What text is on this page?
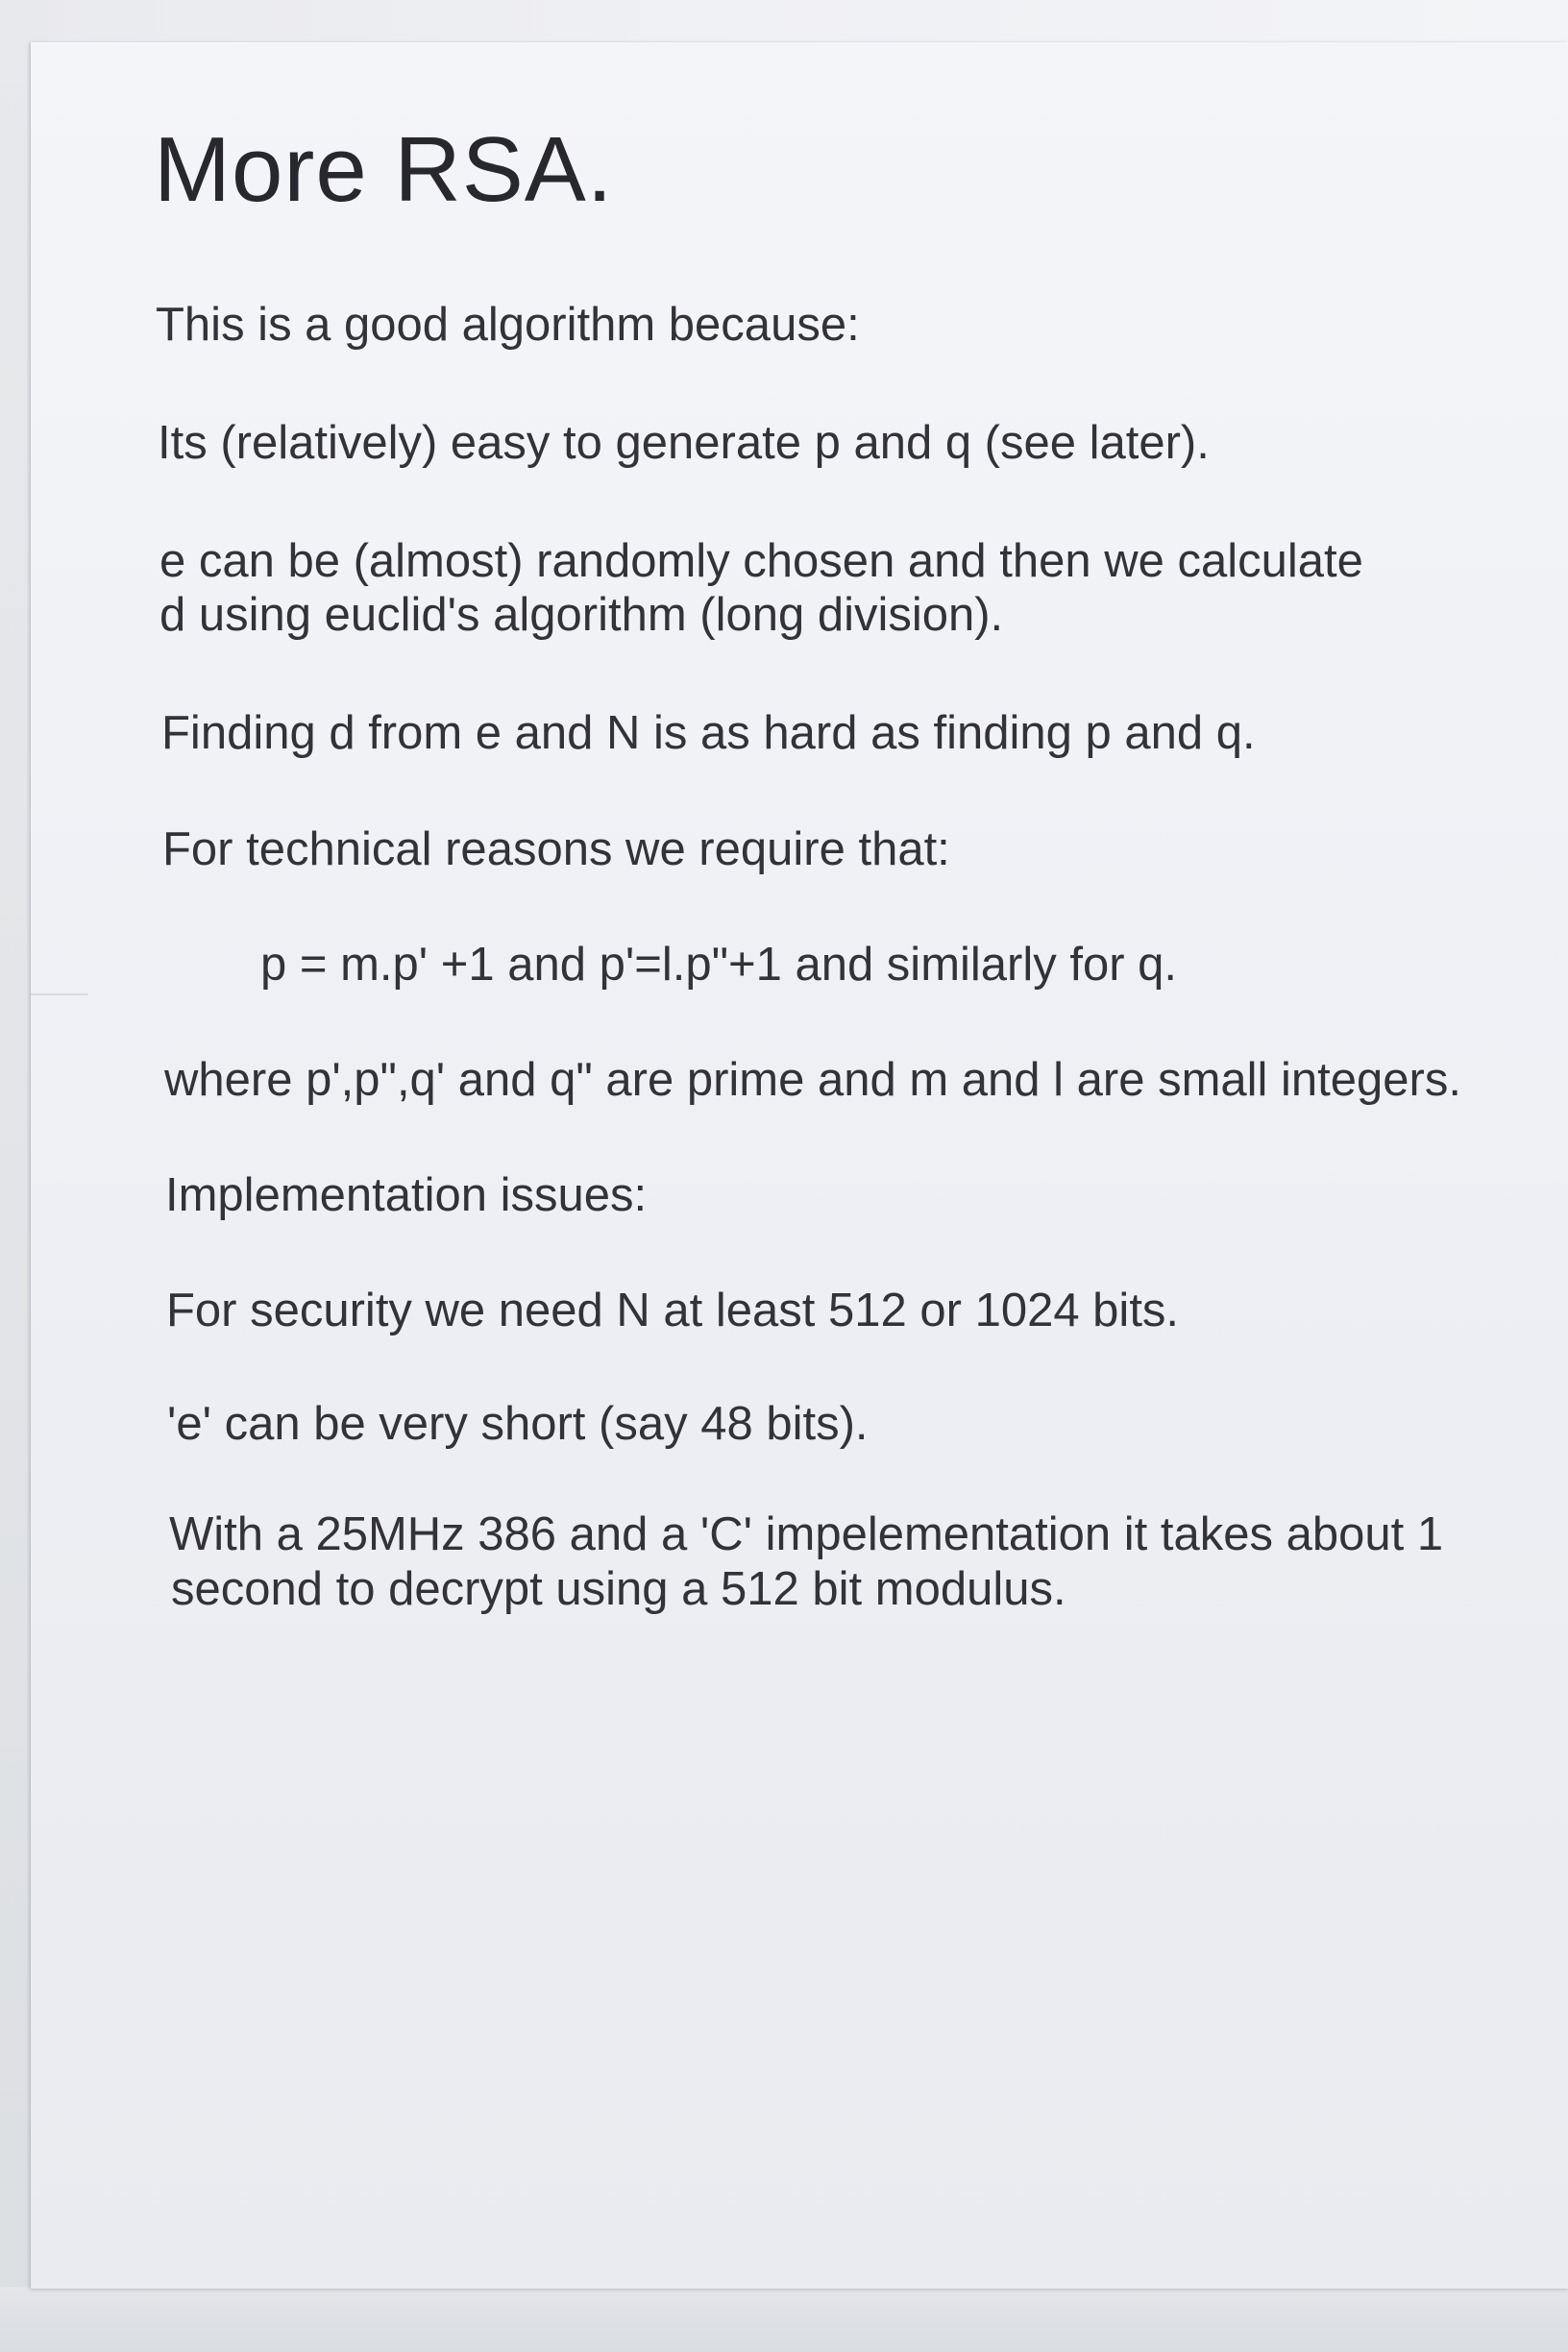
More RSA.

This is a good algorithm because:

Its (relatively) easy to generate p and q (see later).

e can be (almost) randomly chosen and then we calculate

d using euclid's algorithm (long division).

Finding d from e and N is as hard as finding p and q.

For technical reasons we require that:

p = m.p' +1 and p'=l.p"+1 and similarly for q.

where p',p",q' and q" are prime and m and l are small integers.

Implementation issues:

For security we need N at least 512 or 1024 bits.

'e' can be very short (say 48 bits).

With a 25MHz 386 and a 'C' impelementation it takes about 1

second to decrypt using a 512 bit modulus.
